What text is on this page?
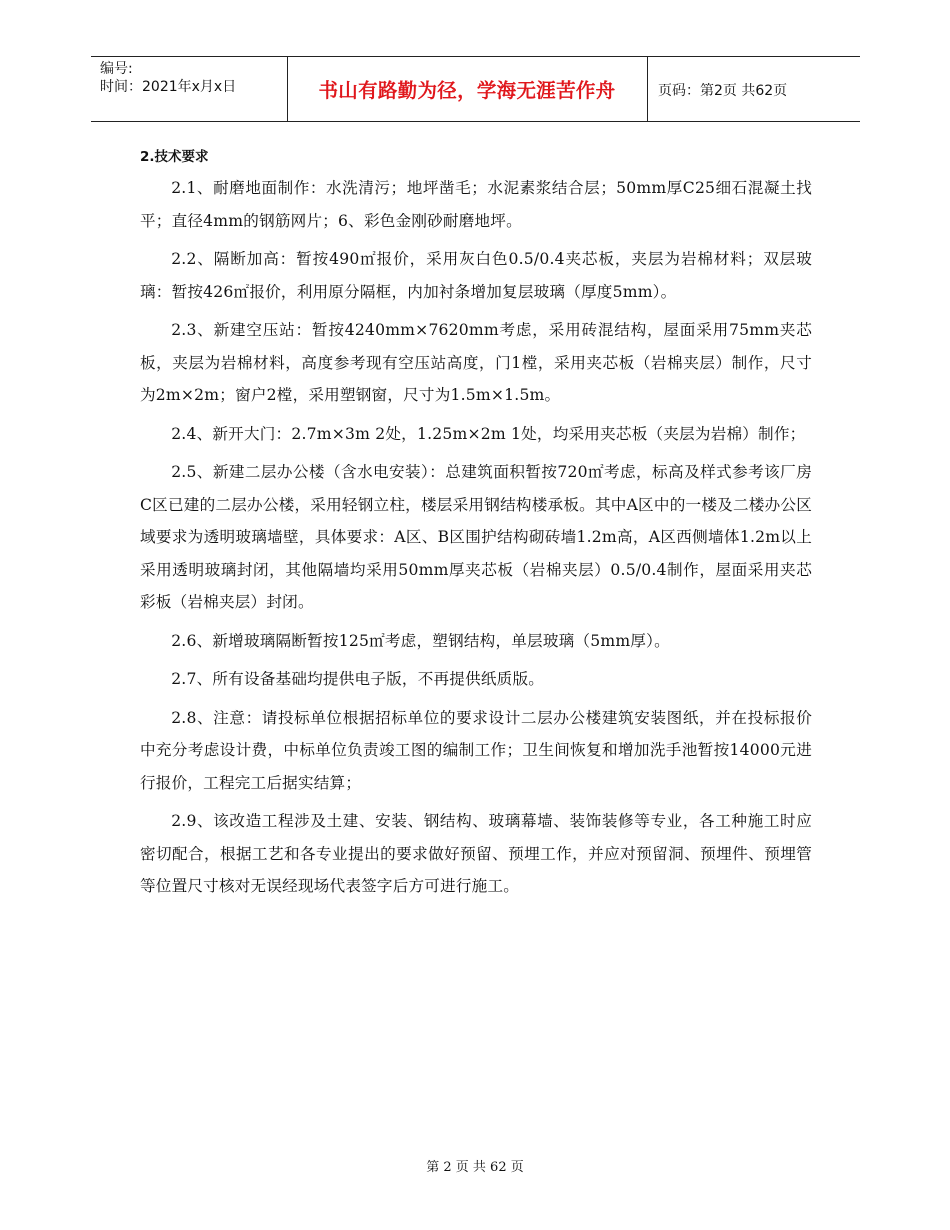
编号:
时间：2021年x月x日	书山有路勤为径，学海无涯苦作舟	页码：第2页 共62页
2.技术要求

2.1、耐磨地面制作：水洗清污；地坪凿毛；水泥素浆结合层；50mm厚C25细石混凝土找平；直径4mm的钢筋网片；6、彩色金刚砂耐磨地坪。

2.2、隔断加高：暂按490㎡报价，采用灰白色0.5/0.4夹芯板，夹层为岩棉材料；双层玻璃：暂按426㎡报价，利用原分隔框，内加衬条增加复层玻璃（厚度5mm）。

2.3、新建空压站：暂按4240mm×7620mm考虑，采用砖混结构，屋面采用75mm夹芯板，夹层为岩棉材料，高度参考现有空压站高度，门1樘，采用夹芯板（岩棉夹层）制作，尺寸为2m×2m；窗户2樘，采用塑钢窗，尺寸为1.5m×1.5m。

2.4、新开大门：2.7m×3m 2处，1.25m×2m 1处，均采用夹芯板（夹层为岩棉）制作；

2.5、新建二层办公楼（含水电安装）：总建筑面积暂按720㎡考虑，标高及样式参考该厂房C区已建的二层办公楼，采用轻钢立柱，楼层采用钢结构楼承板。其中A区中的一楼及二楼办公区域要求为透明玻璃墙壁，具体要求：A区、B区围护结构砌砖墙1.2m高，A区西侧墙体1.2m以上采用透明玻璃封闭，其他隔墙均采用50mm厚夹芯板（岩棉夹层）0.5/0.4制作，屋面采用夹芯彩板（岩棉夹层）封闭。

2.6、新增玻璃隔断暂按125㎡考虑，塑钢结构，单层玻璃（5mm厚）。

2.7、所有设备基础均提供电子版，不再提供纸质版。

2.8、注意：请投标单位根据招标单位的要求设计二层办公楼建筑安装图纸，并在投标报价中充分考虑设计费，中标单位负责竣工图的编制工作；卫生间恢复和增加洗手池暂按14000元进行报价，工程完工后据实结算；

2.9、该改造工程涉及土建、安装、钢结构、玻璃幕墙、装饰装修等专业，各工种施工时应密切配合，根据工艺和各专业提出的要求做好预留、预埋工作，并应对预留洞、预埋件、预埋管等位置尺寸核对无误经现场代表签字后方可进行施工。

第 2 页 共 62 页
